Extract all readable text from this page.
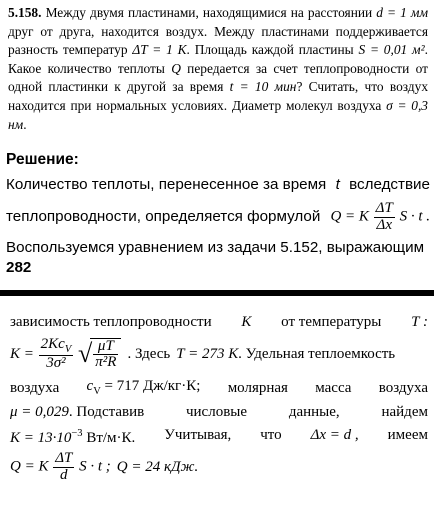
5.158. Между двумя пластинами, находящимися на расстоянии d = 1 мм друг от друга, находится воздух. Между пластинами поддерживается разность температур ΔT = 1 К. Площадь каждой пластины S = 0,01 м². Какое количество теплоты Q передается за счет теплопроводности от одной пластинки к другой за время t = 10 мин? Считать, что воздух находится при нормальных условиях. Диаметр молекул воздуха σ = 0,3 нм.
Решение:
Количество теплоты, перенесенное за время t вследствие
теплопроводности, определяется формулой Q = K $\frac{\Delta T}{\Delta x}$ S · t .
Воспользуемся уравнением из задачи 5.152, выражающим
282
зависимость теплопроводности K от температуры T :
$K = \frac{2Kc_V}{\text{3σ²}}$ √ $\frac{\mu T}{\text{π²R}}$ . Здесь T = 273 К . Удельная теплоемкость
воздуха $c_V = 717$ Дж/кг·К; молярная масса воздуха
μ = 0,029. Подставив	числовые	данные,	найдем
$K = 13\cdot 10^{-3}$ Вт/м·К. Учитывая, что Δx = d , имеем
Q = K $\frac{\Delta T}{d}$ S · t ; Q = 24 кДж.
